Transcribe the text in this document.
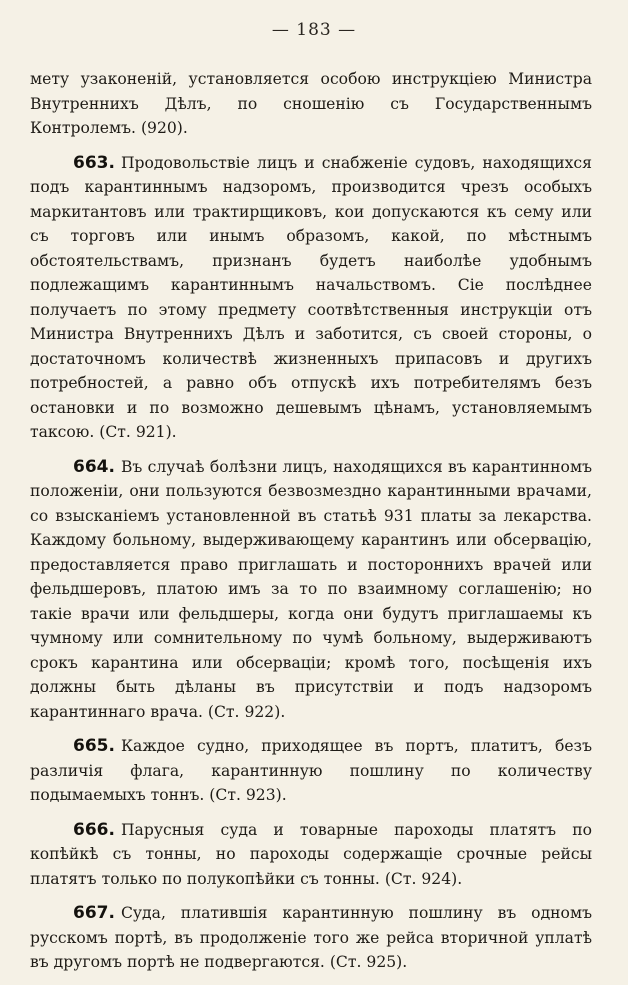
— 183 —

мету узаконеній, установляется особою инструкціею Министра Внутреннихъ Дѣлъ, по сношенію съ Государственнымъ Контролемъ. (920).

663. Продовольствіе лицъ и снабженіе судовъ, находящихся подъ карантиннымъ надзоромъ, производится чрезъ особыхъ маркитантовъ или трактирщиковъ, кои допускаются къ сему или съ торговъ или инымъ образомъ, какой, по мѣстнымъ обстоятельствамъ, признанъ будетъ наиболѣе удобнымъ подлежащимъ карантиннымъ начальствомъ. Сіе послѣднее получаетъ по этому предмету соотвѣтственныя инструкціи отъ Министра Внутреннихъ Дѣлъ и заботится, съ своей стороны, о достаточномъ количествѣ жизненныхъ припасовъ и другихъ потребностей, а равно объ отпускѣ ихъ потребителямъ безъ остановки и по возможно дешевымъ цѣнамъ, установляемымъ таксою. (Ст. 921).

664. Въ случаѣ болѣзни лицъ, находящихся въ карантинномъ положеніи, они пользуются безвозмездно карантинными врачами, со взысканіемъ установленной въ статьѣ 931 платы за лекарства. Каждому больному, выдерживающему карантинъ или обсервацію, предоставляется право приглашать и постороннихъ врачей или фельдшеровъ, платою имъ за то по взаимному соглашенію; но такіе врачи или фельдшеры, когда они будутъ приглашаемы къ чумному или сомнительному по чумѣ больному, выдерживаютъ срокъ карантина или обсерваціи; кромѣ того, посѣщенія ихъ должны быть дѣланы въ присутствіи и подъ надзоромъ карантиннаго врача. (Ст. 922).

665. Каждое судно, приходящее въ портъ, платитъ, безъ различія флага, карантинную пошлину по количеству подымаемыхъ тоннъ. (Ст. 923).

666. Парусныя суда и товарные пароходы платятъ по копѣйкѣ съ тонны, но пароходы содержащіе срочные рейсы платятъ только по полукопѣйки съ тонны. (Ст. 924).

667. Суда, платившія карантинную пошлину въ одномъ русскомъ портѣ, въ продолженіе того же рейса вторичной уплатѣ въ другомъ портѣ не подвергаются. (Ст. 925).
